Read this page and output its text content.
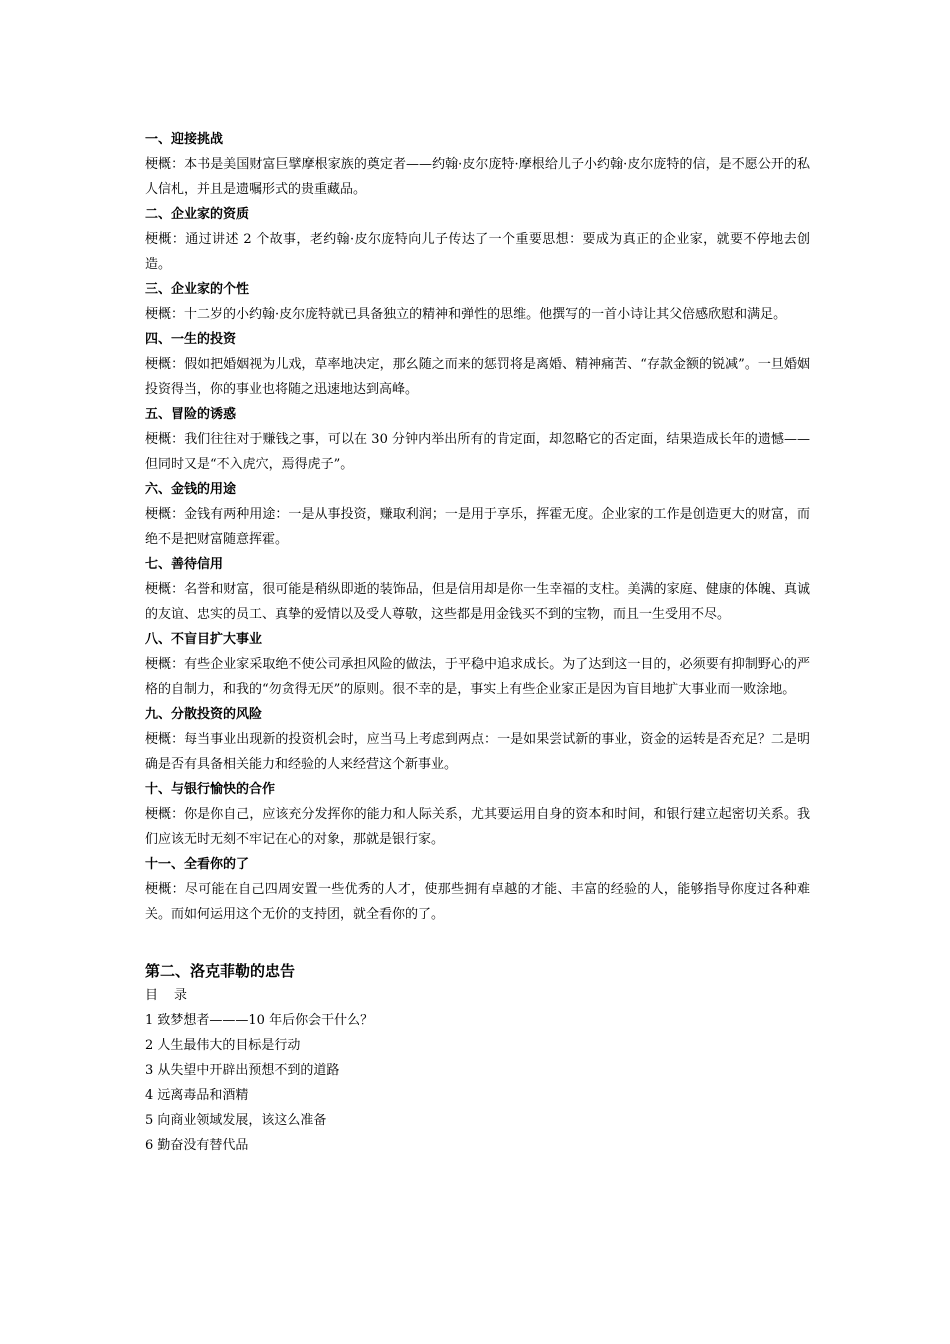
一、迎接挑战

梗概：本书是美国财富巨擘摩根家族的奠定者——约翰·皮尔庞特·摩根给儿子小约翰·皮尔庞特的信，是不愿公开的私人信札，并且是遗嘱形式的贵重藏品。

二、企业家的资质

梗概：通过讲述 2 个故事，老约翰·皮尔庞特向儿子传达了一个重要思想：要成为真正的企业家，就要不停地去创造。

三、企业家的个性

梗概：十二岁的小约翰·皮尔庞特就已具备独立的精神和弹性的思维。他撰写的一首小诗让其父倍感欣慰和满足。

四、一生的投资

梗概：假如把婚姻视为儿戏，草率地决定，那幺随之而来的惩罚将是离婚、精神痛苦、“存款金额的锐减”。一旦婚姻投资得当，你的事业也将随之迅速地达到高峰。

五、冒险的诱惑

梗概：我们往往对于赚钱之事，可以在 30 分钟内举出所有的肯定面，却忽略它的否定面，结果造成长年的遗憾——但同时又是“不入虎穴，焉得虎子”。

六、金钱的用途

梗概：金钱有两种用途：一是从事投资，赚取利润；一是用于享乐，挥霍无度。企业家的工作是创造更大的财富，而绝不是把财富随意挥霍。

七、善待信用

梗概：名誉和财富，很可能是稍纵即逝的装饰品，但是信用却是你一生幸福的支柱。美满的家庭、健康的体魄、真诚的友谊、忠实的员工、真挚的爱情以及受人尊敬，这些都是用金钱买不到的宝物，而且一生受用不尽。

八、不盲目扩大事业

梗概：有些企业家采取绝不使公司承担风险的做法，于平稳中追求成长。为了达到这一目的，必须要有抑制野心的严格的自制力，和我的“勿贪得无厌”的原则。很不幸的是，事实上有些企业家正是因为盲目地扩大事业而一败涂地。

九、分散投资的风险

梗概：每当事业出现新的投资机会时，应当马上考虑到两点：一是如果尝试新的事业，资金的运转是否充足？二是明确是否有具备相关能力和经验的人来经营这个新事业。

十、与银行愉快的合作

梗概：你是你自己，应该充分发挥你的能力和人际关系，尤其要运用自身的资本和时间，和银行建立起密切关系。我们应该无时无刻不牢记在心的对象，那就是银行家。

十一、全看你的了

梗概：尽可能在自己四周安置一些优秀的人才，使那些拥有卓越的才能、丰富的经验的人，能够指导你度过各种难关。而如何运用这个无价的支持团，就全看你的了。

第二、洛克菲勒的忠告

目录

1 致梦想者———10 年后你会干什么？

2 人生最伟大的目标是行动

3 从失望中开辟出预想不到的道路

4 远离毒品和酒精

5 向商业领域发展，该这么准备

6 勤奋没有替代品
